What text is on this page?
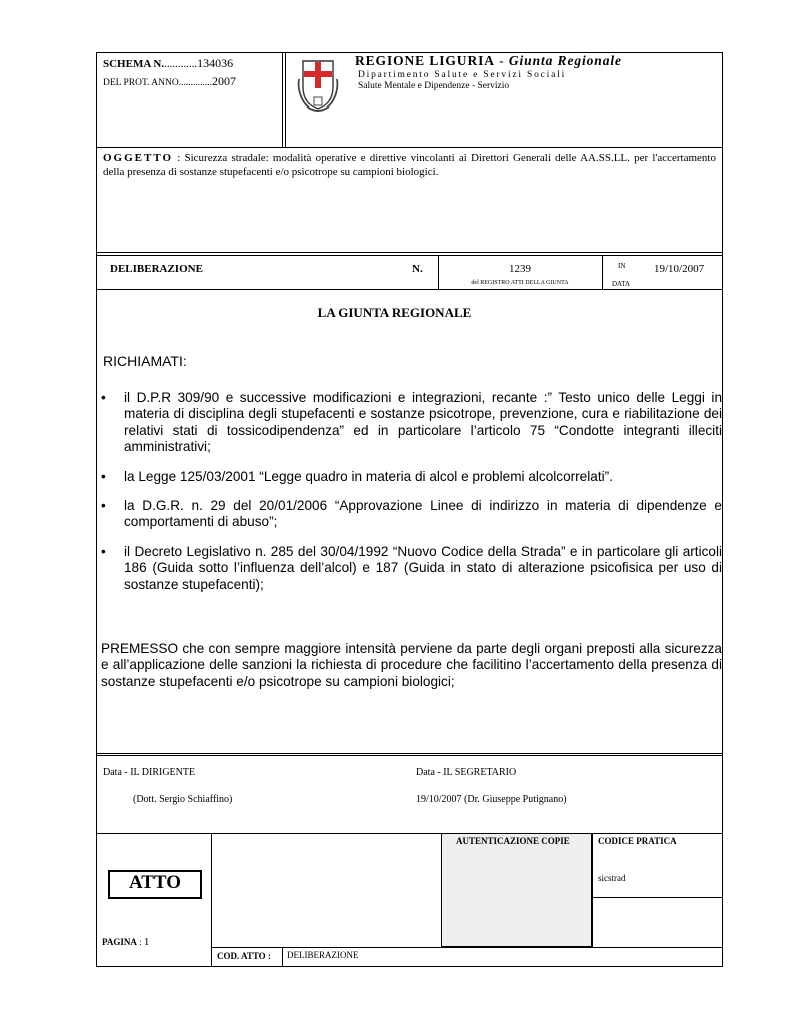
SCHEMA N.............134036
DEL PROT. ANNO..............2007
REGIONE LIGURIA - Giunta Regionale
Dipartimento Salute e Servizi Sociali
Salute Mentale e Dipendenze - Servizio
OGGETTO : Sicurezza stradale: modalità operative e direttive vincolanti ai Direttori Generali delle AA.SS.LL. per l'accertamento della presenza di sostanze stupefacenti e/o psicotrope su campioni biologici.
DELIBERAZIONE	N.	1239
del REGISTRO ATTI DELLA GIUNTA
IN	19/10/2007
DATA
LA GIUNTA REGIONALE
RICHIAMATI:
• il D.P.R 309/90 e successive modificazioni e integrazioni, recante :” Testo unico delle Leggi in materia di disciplina degli stupefacenti e sostanze psicotrope, prevenzione, cura e riabilitazione dei relativi stati di tossicodipendenza” ed in particolare l’articolo 75 “Condotte integranti illeciti amministrativi;
• la Legge 125/03/2001 “Legge quadro in materia di alcol e problemi alcolcorrelati”.
• la D.G.R. n. 29 del 20/01/2006 “Approvazione Linee di indirizzo in materia di dipendenze e comportamenti di abuso”;
• il Decreto Legislativo n. 285 del 30/04/1992 “Nuovo Codice della Strada” e in particolare gli articoli 186 (Guida sotto l’influenza dell’alcol) e 187 (Guida in stato di alterazione psicofisica per uso di sostanze stupefacenti);
PREMESSO che con sempre maggiore intensità perviene da parte degli organi preposti alla sicurezza e all’applicazione delle sanzioni la richiesta di procedure che facilitino l’accertamento della presenza di sostanze stupefacenti e/o psicotrope su campioni biologici;
Data - IL DIRIGENTE
(Dott. Sergio Schiaffino)
Data - IL SEGRETARIO
19/10/2007 (Dr. Giuseppe Putignano)
ATTO
PAGINA : 1
AUTENTICAZIONE COPIE	CODICE PRATICA
sicstrad
COD. ATTO : DELIBERAZIONE
